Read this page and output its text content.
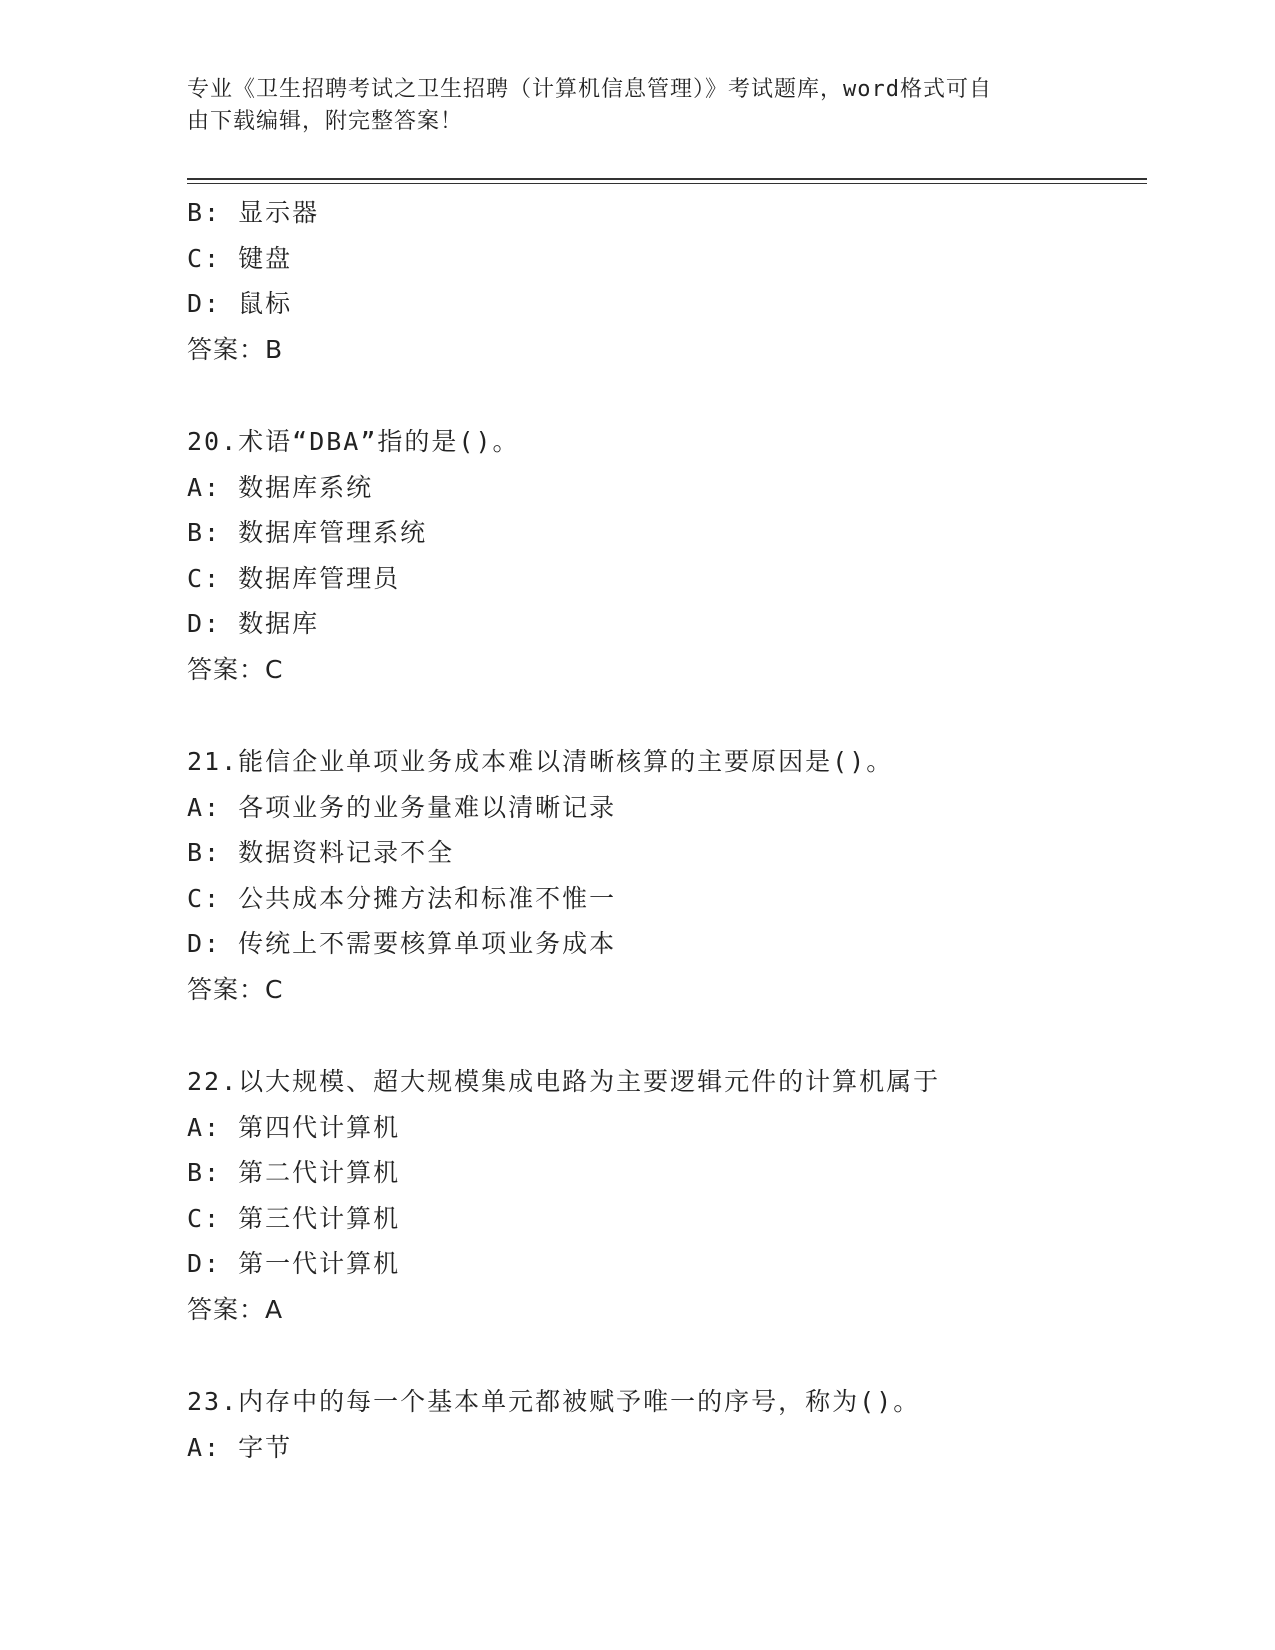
专业《卫生招聘考试之卫生招聘（计算机信息管理）》考试题库，word格式可自
由下载编辑，附完整答案！
B: 显示器
C: 键盘
D: 鼠标
答案：B
20.术语“DBA”指的是()。
A: 数据库系统
B: 数据库管理系统
C: 数据库管理员
D: 数据库
答案：C
21.能信企业单项业务成本难以清晰核算的主要原因是()。
A: 各项业务的业务量难以清晰记录
B: 数据资料记录不全
C: 公共成本分摊方法和标准不惟一
D: 传统上不需要核算单项业务成本
答案：C
22.以大规模、超大规模集成电路为主要逻辑元件的计算机属于
A: 第四代计算机
B: 第二代计算机
C: 第三代计算机
D: 第一代计算机
答案：A
23.内存中的每一个基本单元都被赋予唯一的序号，称为()。
A: 字节
